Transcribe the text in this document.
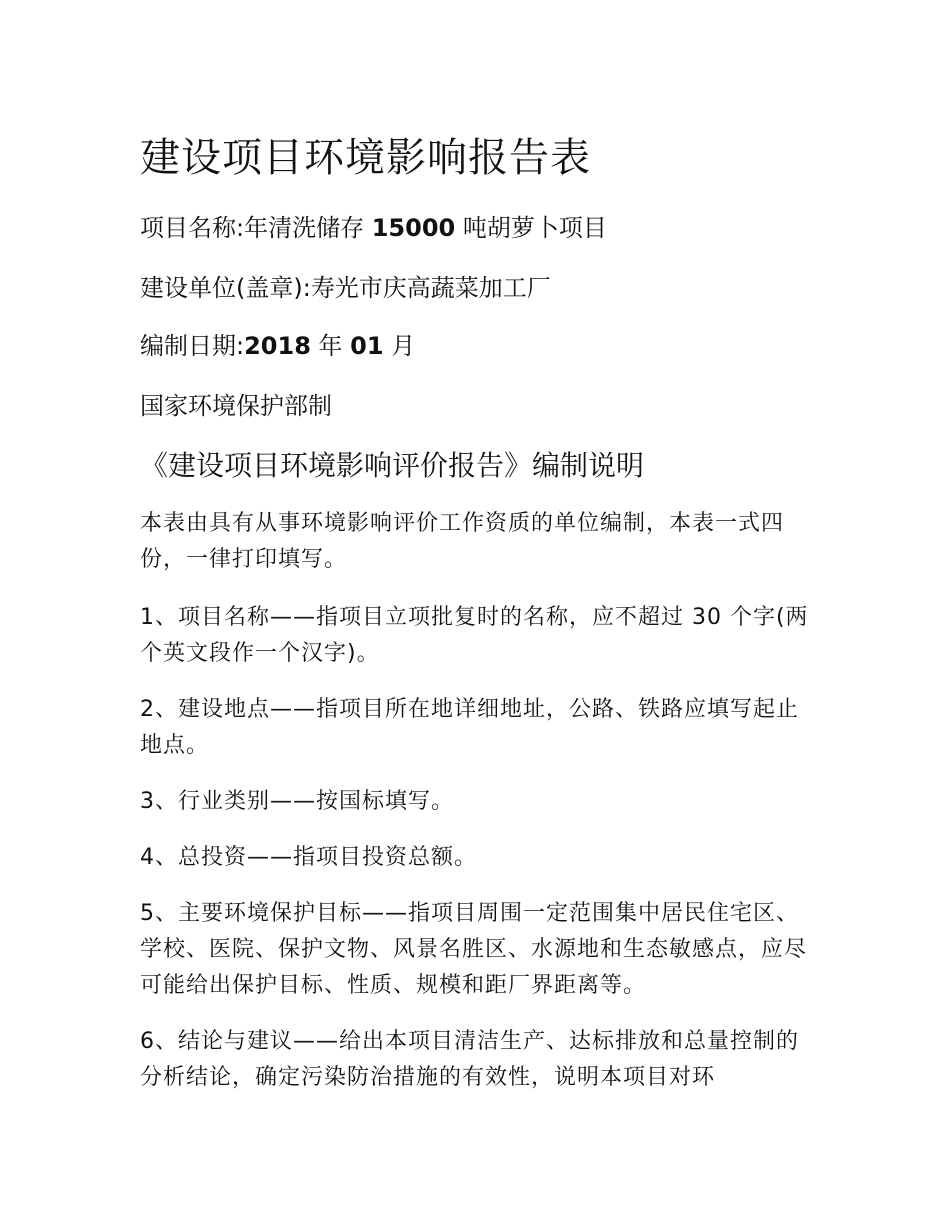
建设项目环境影响报告表
项目名称:年清洗储存 15000 吨胡萝卜项目
建设单位(盖章):寿光市庆高蔬菜加工厂
编制日期:2018 年 01 月
国家环境保护部制
《建设项目环境影响评价报告》编制说明
本表由具有从事环境影响评价工作资质的单位编制，本表一式四份，一律打印填写。
1、项目名称——指项目立项批复时的名称，应不超过 30 个字(两个英文段作一个汉字)。
2、建设地点——指项目所在地详细地址，公路、铁路应填写起止地点。
3、行业类别——按国标填写。
4、总投资——指项目投资总额。
5、主要环境保护目标——指项目周围一定范围集中居民住宅区、学校、医院、保护文物、风景名胜区、水源地和生态敏感点，应尽可能给出保护目标、性质、规模和距厂界距离等。
6、结论与建议——给出本项目清洁生产、达标排放和总量控制的分析结论，确定污染防治措施的有效性，说明本项目对环
